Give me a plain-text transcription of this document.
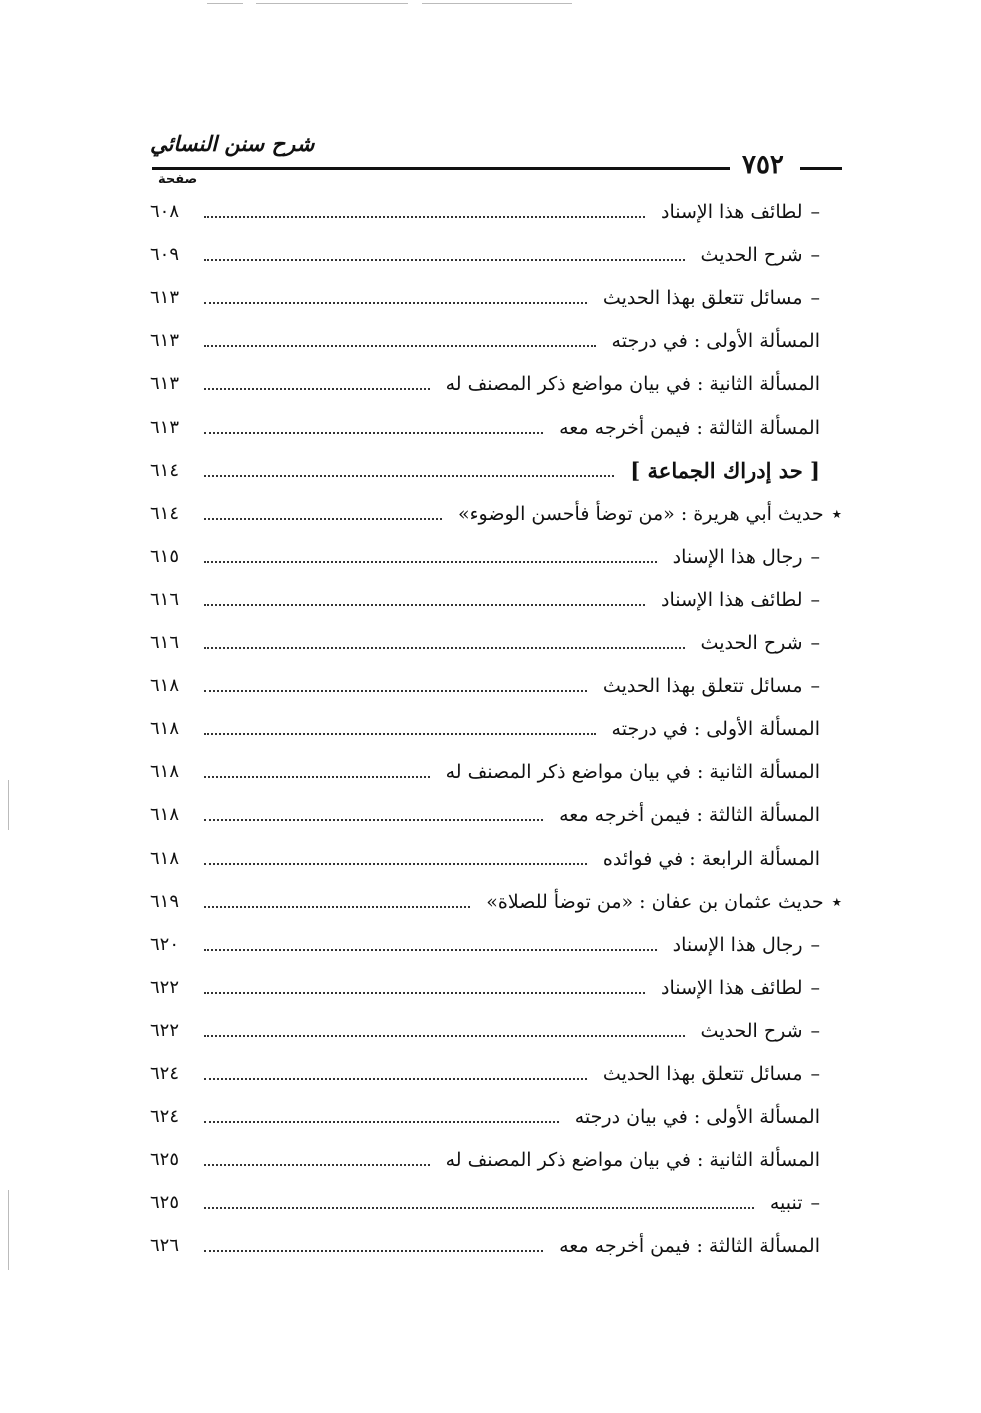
شرح سنن النسائي
٧٥٢
صفحة
–لطائف هذا الإسناد
٦٠٨
–شرح الحديث
٦٠٩
–مسائل تتعلق بهذا الحديث
٦١٣
المسألة الأولى : في درجته
٦١٣
المسألة الثانية : في بيان مواضع ذكر المصنف له
٦١٣
المسألة الثالثة : فيمن أخرجه معه
٦١٣
[ حد إدراك الجماعة ]
٦١٤
٭حديث أبي هريرة : «من توضأ فأحسن الوضوء»
٦١٤
–رجال هذا الإسناد
٦١٥
–لطائف هذا الإسناد
٦١٦
–شرح الحديث
٦١٦
–مسائل تتعلق بهذا الحديث
٦١٨
المسألة الأولى : في درجته
٦١٨
المسألة الثانية : في بيان مواضع ذكر المصنف له
٦١٨
المسألة الثالثة : فيمن أخرجه معه
٦١٨
المسألة الرابعة : في فوائده
٦١٨
٭حديث عثمان بن عفان : «من توضأ للصلاة»
٦١٩
–رجال هذا الإسناد
٦٢٠
–لطائف هذا الإسناد
٦٢٢
–شرح الحديث
٦٢٢
–مسائل تتعلق بهذا الحديث
٦٢٤
المسألة الأولى : في بيان درجته
٦٢٤
المسألة الثانية : في بيان مواضع ذكر المصنف له
٦٢٥
–تنبيه
٦٢٥
المسألة الثالثة : فيمن أخرجه معه
٦٢٦
